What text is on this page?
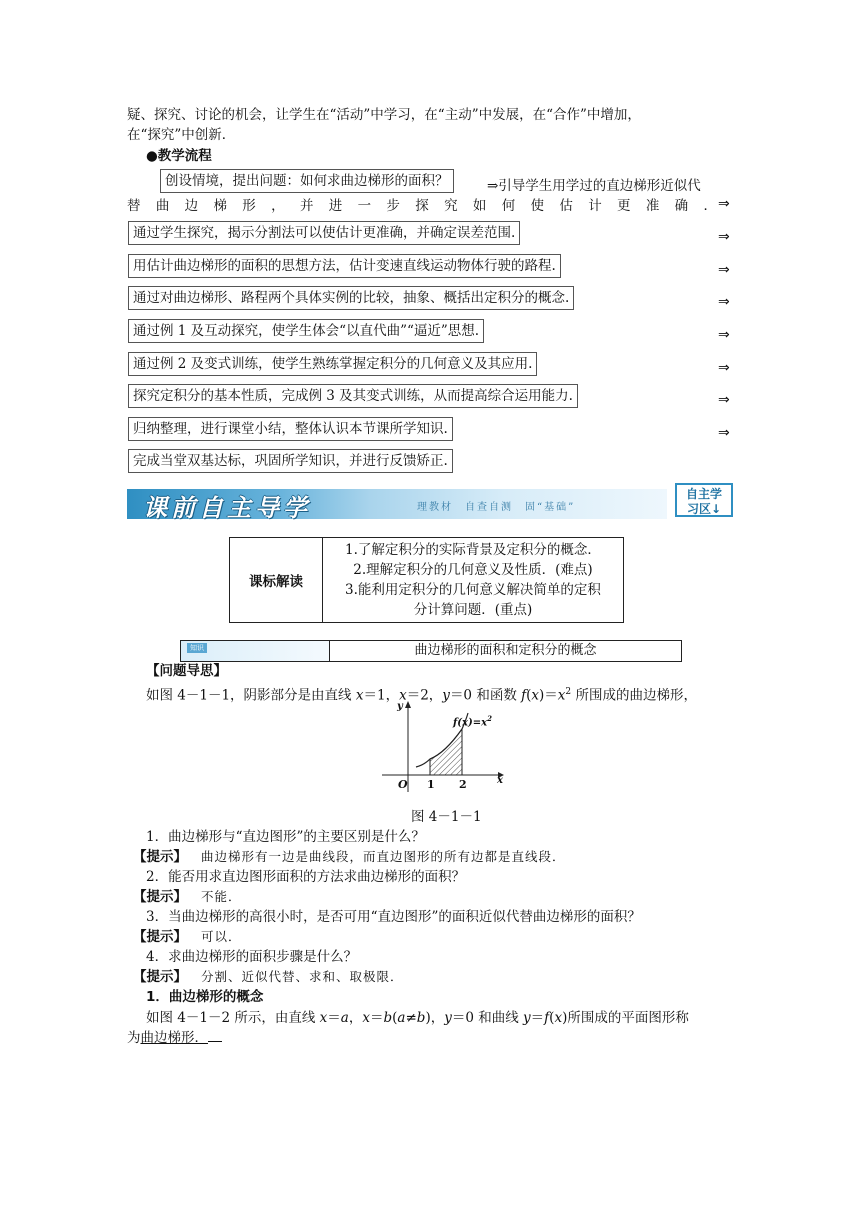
疑、探究、讨论的机会，让学生在“活动”中学习，在“主动”中发展，在“合作”中增加，
在“探究”中创新．
●教学流程
创设情境，提出问题：如何求曲边梯形的面积？	⇒引导学生用学过的直边梯形近似代
替 曲 边 梯 形 ， 并 进 一 步 探 究 如 何 使 估 计 更 准 确 ． ⇒
通过学生探究，揭示分割法可以使估计更准确，并确定误差范围.	⇒
用估计曲边梯形的面积的思想方法，估计变速直线运动物体行驶的路程.	⇒
通过对曲边梯形、路程两个具体实例的比较，抽象、概括出定积分的概念.	⇒
通过例 1 及互动探究，使学生体会“以直代曲”“逼近”思想.	⇒
通过例 2 及变式训练，使学生熟练掌握定积分的几何意义及其应用.	⇒
探究定积分的基本性质，完成例 3 及其变式训练，从而提高综合运用能力.	⇒
归纳整理，进行课堂小结，整体认识本节课所学知识.	⇒
完成当堂双基达标，巩固所学知识，并进行反馈矫正.
课前自主导学	理教材　自查自测　固“基础”
自主学
习区↓
课标解读	
1.了解定积分的实际背景及定积分的概念．
2.理解定积分的几何意义及性质．(难点)
3.能利用定积分的几何意义解决简单的定积
分计算问题．(重点)
知识	曲边梯形的面积和定积分的概念
【问题导思】
如图 4－1－1，阴影部分是由直线 x＝1，x＝2，y＝0 和函数 $f(x)=x^2$ 所围成的曲边梯形，
$f(x)=x^2$
y
x
O 1 2
图 4－1－1
1．曲边梯形与“直边图形”的主要区别是什么？
【提示】 曲边梯形有一边是曲线段，而直边图形的所有边都是直线段．
2．能否用求直边图形面积的方法求曲边梯形的面积？
【提示】 不能．
3．当曲边梯形的高很小时，是否可用“直边图形”的面积近似代替曲边梯形的面积？
【提示】 可以．
4．求曲边梯形的面积步骤是什么？
【提示】 分割、近似代替、求和、取极限．
1．曲边梯形的概念
如图 4－1－2 所示，由直线 x＝a，x＝b(a≠b)，y＝0 和曲线 y＝f(x)所围成的平面图形称
为曲边梯形．
